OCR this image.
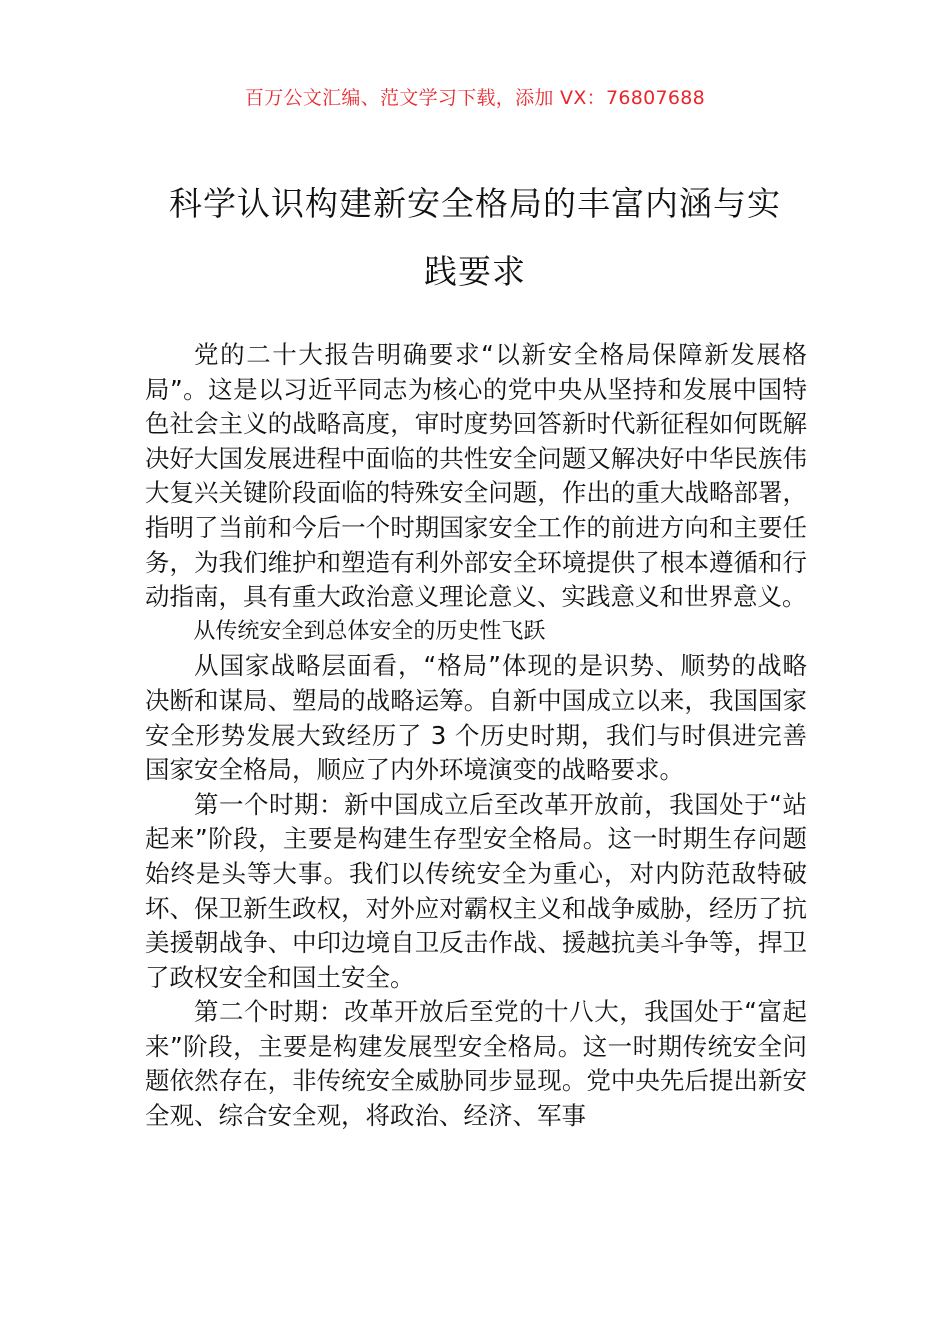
百万公文汇编、范文学习下载，添加 VX：76807688
科学认识构建新安全格局的丰富内涵与实
践要求

党的二十大报告明确要求“以新安全格局保障新发展格局”。这是以习近平同志为核心的党中央从坚持和发展中国特色社会主义的战略高度，审时度势回答新时代新征程如何既解决好大国发展进程中面临的共性安全问题又解决好中华民族伟大复兴关键阶段面临的特殊安全问题，作出的重大战略部署，指明了当前和今后一个时期国家安全工作的前进方向和主要任务，为我们维护和塑造有利外部安全环境提供了根本遵循和行动指南，具有重大政治意义理论意义、实践意义和世界意义。

从传统安全到总体安全的历史性飞跃

从国家战略层面看，“格局”体现的是识势、顺势的战略决断和谋局、塑局的战略运筹。自新中国成立以来，我国国家安全形势发展大致经历了 3 个历史时期，我们与时俱进完善国家安全格局，顺应了内外环境演变的战略要求。

第一个时期：新中国成立后至改革开放前，我国处于“站起来”阶段，主要是构建生存型安全格局。这一时期生存问题始终是头等大事。我们以传统安全为重心，对内防范敌特破坏、保卫新生政权，对外应对霸权主义和战争威胁，经历了抗美援朝战争、中印边境自卫反击作战、援越抗美斗争等，捍卫了政权安全和国土安全。

第二个时期：改革开放后至党的十八大，我国处于“富起来”阶段，主要是构建发展型安全格局。这一时期传统安全问题依然存在，非传统安全威胁同步显现。党中央先后提出新安全观、综合安全观，将政治、经济、军事
